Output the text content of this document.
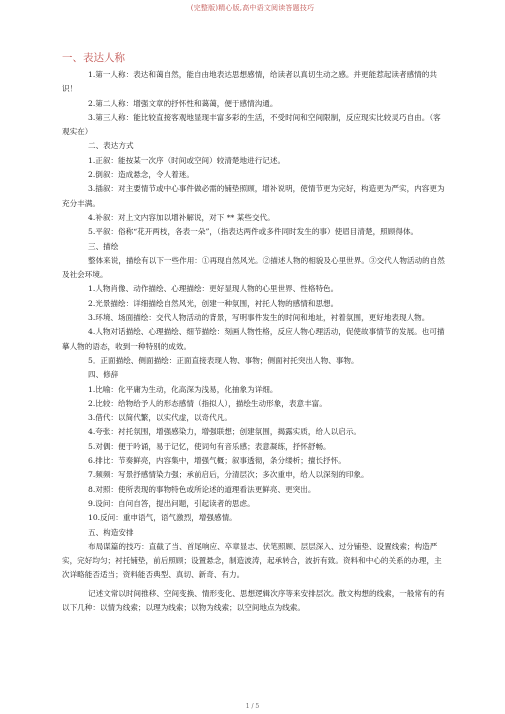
(完整版)精心版,高中语文阅读答题技巧
一、表达人称

1.第一人称：表达和蔼自然，能自由地表达思想感情，给读者以真切生动之感。并更能惹起读者感情的共识！

2.第二人称：增强文章的抒怀性和蔼蔼，便于感情沟通。

3.第三人称：能比较直接客观地显现丰富多彩的生活，不受时间和空间限制，反应现实比较灵巧自由。（客观实在）

二、表达方式

1.正叙：能按某一次序（时间或空间）较清楚地进行记述。

2.倒叙：造成悬念，令人着迷。

3.插叙：对主要情节或中心事件做必需的铺垫照顾，增补说明，使情节更为完好，构造更为严实，内容更为充分丰满。

4.补叙：对上文内容加以增补解说，对下 ** 某些交代。

5.平叙：俗称“花开两枝，各表一朵”，（指表达两件或多件同时发生的事）使眉目清楚，照顾得体。

三、描绘

整体来说，描绘有以下一些作用：①再现自然风光。②描述人物的相貌及心里世界。③交代人物活动的自然及社会环境。

1.人物肖像、动作描绘、心理描绘：更好显现人物的心里世界、性格特色。

2.光景描绘：详细描绘自然风光，创建一种氛围，衬托人物的感情和思想。

3.环境、场面描绘：交代人物活动的背景，写明事件发生的时间和地址，衬着氛围，更好地表现人物。

4.人物对话描绘、心理描绘、细节描绘：刻画人物性格，反应人物心理活动，促使故事情节的发展。也可描摹人物的语态，收到一种特别的成效。

5．正面描绘、侧面描绘：正面直接表现人物、事物；侧面衬托突出人物、事物。

四、修辞

1.比喻：化平庸为生动，化高深为浅易，化抽象为详细。

2.比较：给物给予人的形态感情（指拟人），描绘生动形象，表意丰富。

3.借代：以简代繁，以实代虚，以奇代凡。

4.夸张：衬托氛围，增强感染力，增强联想；创建氛围，揭露实质，给人以启示。

5.对偶：便于吟诵，易于记忆，使词句有音乐感；表意凝练，抒怀舒畅。

6.排比：节奏鲜亮，内容集中，增强气概；叙事透彻，条分缕析；擅长抒怀。

7.频频：写景抒感情染力强；承前启后，分清层次；多次重申，给人以深刻的印象。

8.对照：使所表现的事物特色或所论述的道理看法更鲜亮、更突出。

9.设问：自问自答，提出问题，引起读者的思虑。

10.反问：重申语气，语气激烈，增强感情。

五、构造安排

布局谋篇的技巧：直截了当、首尾响应、卒章显志、伏笔照顾、层层深入、过分铺垫、设置线索；构造严实，完好均匀；衬托铺垫，前后照顾；设置悬念，制造波涛，起承转合，波折有致。资料和中心的关系的办理，主次详略能否适当；资料能否典型、真切、新奇、有力。

记述文常以时间推移、空间变换、情形变化、思想逻辑次序等来安排层次。散文构想的线索，一般常有的有以下几种：以情为线索；以理为线索；以物为线索；以空间地点为线索。

1 / 5
